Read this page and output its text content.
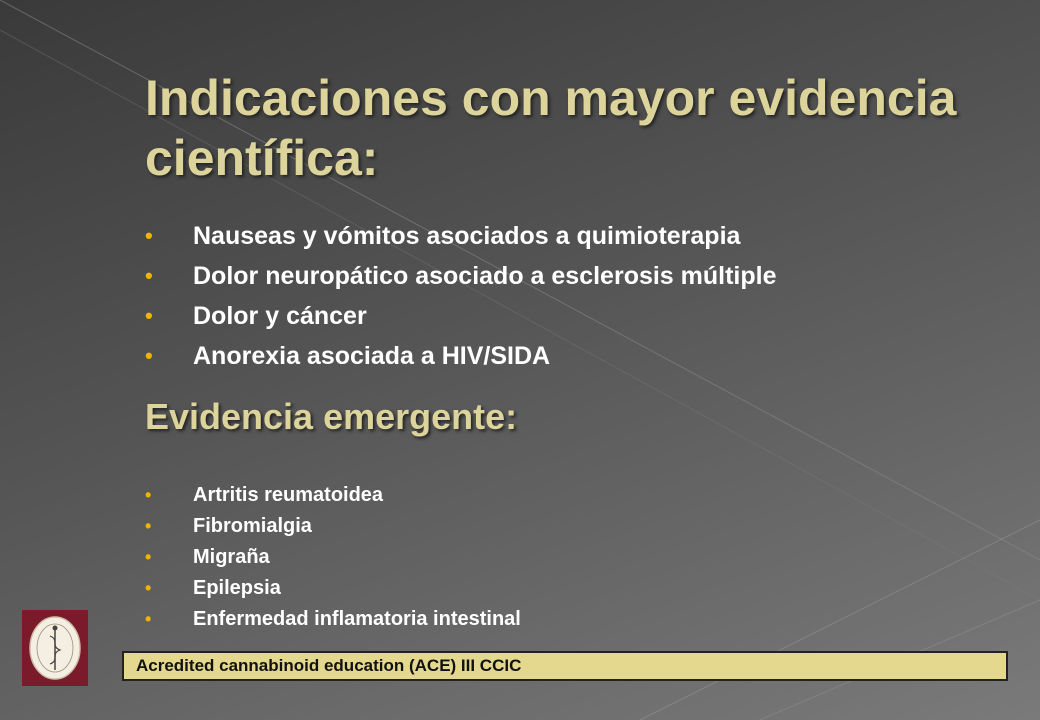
Indicaciones con mayor evidencia científica:
• Nauseas y vómitos asociados a quimioterapia
• Dolor neuropático asociado a esclerosis múltiple
• Dolor y cáncer
• Anorexia asociada a HIV/SIDA
Evidencia emergente:
• Artritis reumatoidea
• Fibromialgia
• Migraña
• Epilepsia
• Enfermedad inflamatoria intestinal
Acredited cannabinoid education (ACE) III CCIC
